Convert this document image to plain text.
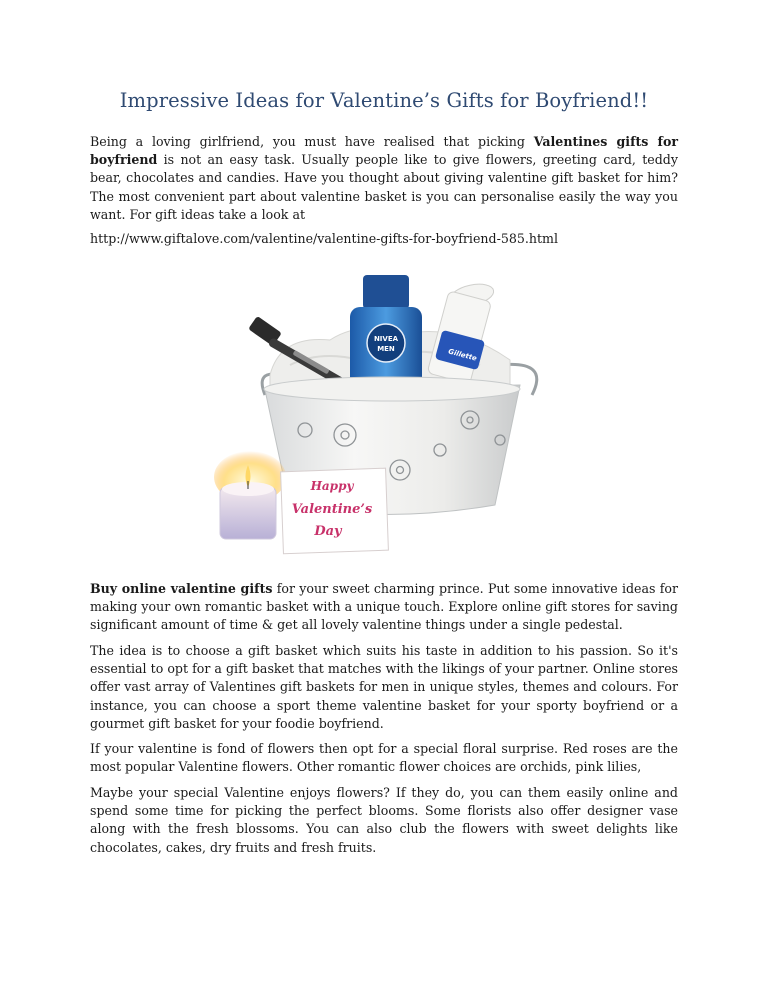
Impressive Ideas for Valentine’s Gifts for Boyfriend!!

Being a loving girlfriend, you must have realised that picking Valentines gifts for boyfriend is not an easy task. Usually people like to give flowers, greeting card, teddy bear, chocolates and candies. Have you thought about giving valentine gift basket for him? The most convenient part about valentine basket is you can personalise easily the way you want. For gift ideas take a look at

http://www.giftalove.com/valentine/valentine-gifts-for-boyfriend-585.html

NIVEA
MEN	Gillette
Happy
Valentine’s
Day

Buy online valentine gifts for your sweet charming prince. Put some innovative ideas for making your own romantic basket with a unique touch. Explore online gift stores for saving significant amount of time & get all lovely valentine things under a single pedestal.

The idea is to choose a gift basket which suits his taste in addition to his passion. So it's essential to opt for a gift basket that matches with the likings of your partner. Online stores offer vast array of Valentines gift baskets for men in unique styles, themes and colours. For instance, you can choose a sport theme valentine basket for your sporty boyfriend or a gourmet gift basket for your foodie boyfriend.

If your valentine is fond of flowers then opt for a special floral surprise. Red roses are the most popular Valentine flowers. Other romantic flower choices are orchids, pink lilies,

Maybe your special Valentine enjoys flowers? If they do, you can them easily online and spend some time for picking the perfect blooms. Some florists also offer designer vase along with the fresh blossoms. You can also club the flowers with sweet delights like chocolates, cakes, dry fruits and fresh fruits.
